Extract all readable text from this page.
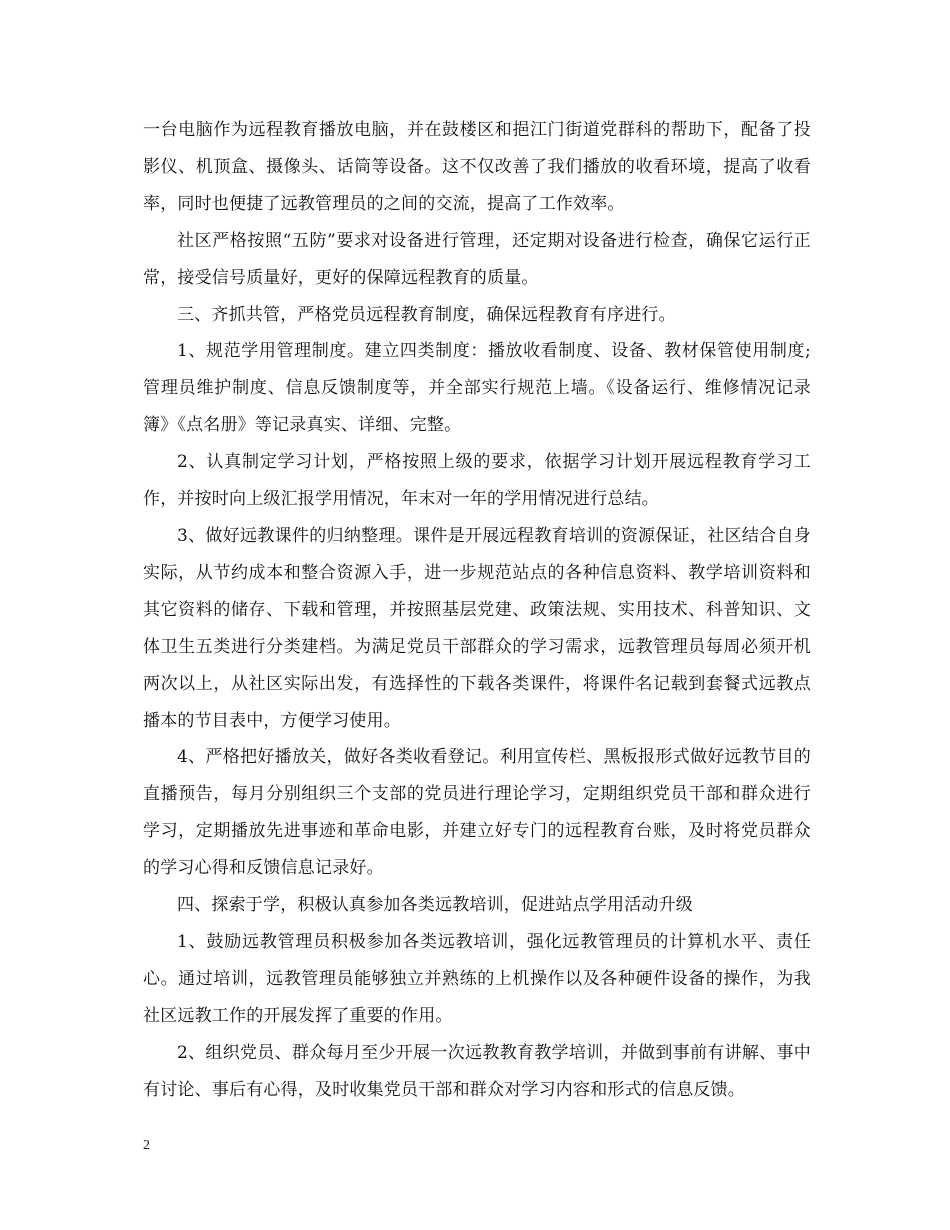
一台电脑作为远程教育播放电脑，并在鼓楼区和挹江门街道党群科的帮助下，配备了投影仪、机顶盒、摄像头、话筒等设备。这不仅改善了我们播放的收看环境，提高了收看率，同时也便捷了远教管理员的之间的交流，提高了工作效率。

社区严格按照“五防”要求对设备进行管理，还定期对设备进行检查，确保它运行正常，接受信号质量好，更好的保障远程教育的质量。

三、齐抓共管，严格党员远程教育制度，确保远程教育有序进行。

1、规范学用管理制度。建立四类制度：播放收看制度、设备、教材保管使用制度;管理员维护制度、信息反馈制度等，并全部实行规范上墙。《设备运行、维修情况记录簿》《点名册》等记录真实、详细、完整。

2、认真制定学习计划，严格按照上级的要求，依据学习计划开展远程教育学习工作，并按时向上级汇报学用情况，年末对一年的学用情况进行总结。

3、做好远教课件的归纳整理。课件是开展远程教育培训的资源保证，社区结合自身实际，从节约成本和整合资源入手，进一步规范站点的各种信息资料、教学培训资料和其它资料的储存、下载和管理，并按照基层党建、政策法规、实用技术、科普知识、文体卫生五类进行分类建档。为满足党员干部群众的学习需求，远教管理员每周必须开机两次以上，从社区实际出发，有选择性的下载各类课件，将课件名记载到套餐式远教点播本的节目表中，方便学习使用。

4、严格把好播放关，做好各类收看登记。利用宣传栏、黑板报形式做好远教节目的直播预告，每月分别组织三个支部的党员进行理论学习，定期组织党员干部和群众进行学习，定期播放先进事迹和革命电影，并建立好专门的远程教育台账，及时将党员群众的学习心得和反馈信息记录好。

四、探索于学，积极认真参加各类远教培训，促进站点学用活动升级

1、鼓励远教管理员积极参加各类远教培训，强化远教管理员的计算机水平、责任心。通过培训，远教管理员能够独立并熟练的上机操作以及各种硬件设备的操作，为我社区远教工作的开展发挥了重要的作用。

2、组织党员、群众每月至少开展一次远教教育教学培训，并做到事前有讲解、事中有讨论、事后有心得，及时收集党员干部和群众对学习内容和形式的信息反馈。

2
